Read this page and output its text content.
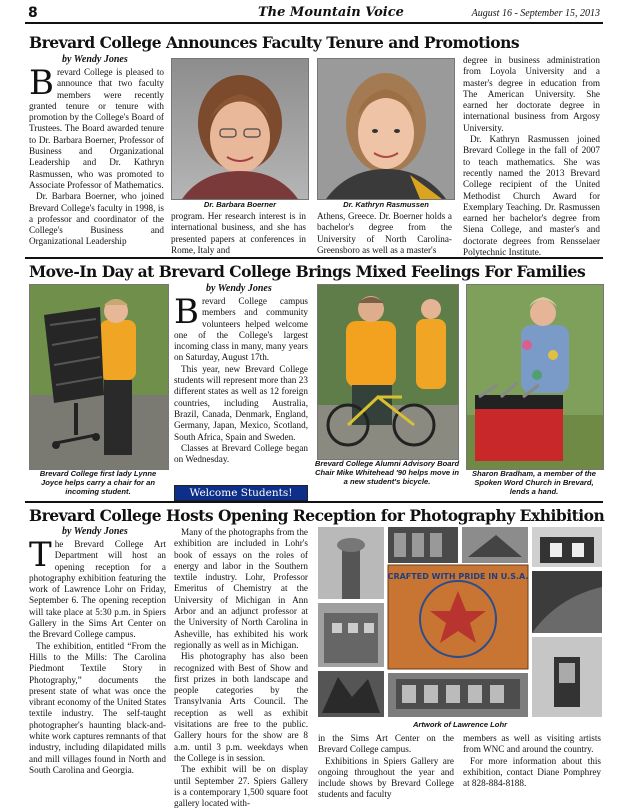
8	The Mountain Voice	August 16 - September 15, 2013
Brevard College Announces Faculty Tenure and Promotions
by Wendy Jones

Brevard College is pleased to announce that two faculty members were recently granted tenure or tenure with promotion by the College's Board of Trustees. The Board awarded tenure to Dr. Barbara Boerner, Professor of Business and Organizational Leadership and Dr. Kathryn Rasmussen, who was promoted to Associate Professor of Mathematics.

Dr. Barbara Boerner, who joined Brevard College's faculty in 1998, is a professor and coordinator of the College's Business and Organizational Leadership

Dr. Barbara Boerner	Dr. Kathryn Rasmussen

program. Her research interest is in international business, and she has presented papers at conferences in Rome, Italy and

Athens, Greece. Dr. Boerner holds a bachelor's degree from the University of North Carolina-Greensboro as well as a master's

degree in business administration from Loyola University and a master's degree in education from The American University. She earned her doctorate degree in international business from Argosy University.

Dr. Kathryn Rasmussen joined Brevard College in the fall of 2007 to teach mathematics. She was recently named the 2013 Brevard College recipient of the United Methodist Church Award for Exemplary Teaching. Dr. Rasmussen earned her bachelor's degree from Siena College, and master's and doctorate degrees from Rensselaer Polytechnic Institute.

Move-In Day at Brevard College Brings Mixed Feelings For Families
Brevard College first lady Lynne Joyce helps carry a chair for an incoming student.
by Wendy Jones

Brevard College campus members and community volunteers helped welcome one of the College's largest incoming class in many, many years on Saturday, August 17th.

This year, new Brevard College students will represent more than 23 different states as well as 12 foreign countries, including Australia, Brazil, Canada, Denmark, England, Germany, Japan, Mexico, Scotland, South Africa, Spain and Sweden.

Classes at Brevard College began on Wednesday.

Welcome Students!
Brevard College Alumni Advisory Board Chair Mike Whitehead '90 helps move in a new student's bicycle.
Sharon Bradham, a member of the Spoken Word Church in Brevard, lends a hand.
Brevard College Hosts Opening Reception for Photography Exhibition
by Wendy Jones

The Brevard College Art Department will host an opening reception for a photography exhibition featuring the work of Lawrence Lohr on Friday, September 6. The opening reception will take place at 5:30 p.m. in Spiers Gallery in the Sims Art Center on the Brevard College campus.

The exhibition, entitled “From the Hills to the Mills: The Carolina Piedmont Textile Story in Photography,” documents the present state of what was once the vibrant economy of the United States textile industry. The self-taught photographer's haunting black-and-white work captures remnants of that industry, including dilapidated mills and mill villages found in North and South Carolina and Georgia.

Many of the photographs from the exhibition are included in Lohr's book of essays on the roles of energy and labor in the Southern textile industry. Lohr, Professor Emeritus of Chemistry at the University of Michigan in Ann Arbor and an adjunct professor at the University of North Carolina in Asheville, has exhibited his work regionally as well as in Michigan.

His photography has also been recognized with Best of Show and first prizes in both landscape and people categories by the Transylvania Arts Council. The reception as well as exhibit visitations are free to the public. Gallery hours for the show are 8 a.m. until 3 p.m. weekdays when the College is in session.

The exhibit will be on display until September 27. Spiers Gallery is a contemporary 1,500 square foot gallery located with-

CRAFTED WITH PRIDE IN U.S.A.
Artwork of Lawrence Lohr

in the Sims Art Center on the Brevard College campus.

Exhibitions in Spiers Gallery are ongoing throughout the year and include shows by Brevard College students and faculty

members as well as visiting artists from WNC and around the country.

For more information about this exhibition, contact Diane Pomphrey at 828-884-8188.
